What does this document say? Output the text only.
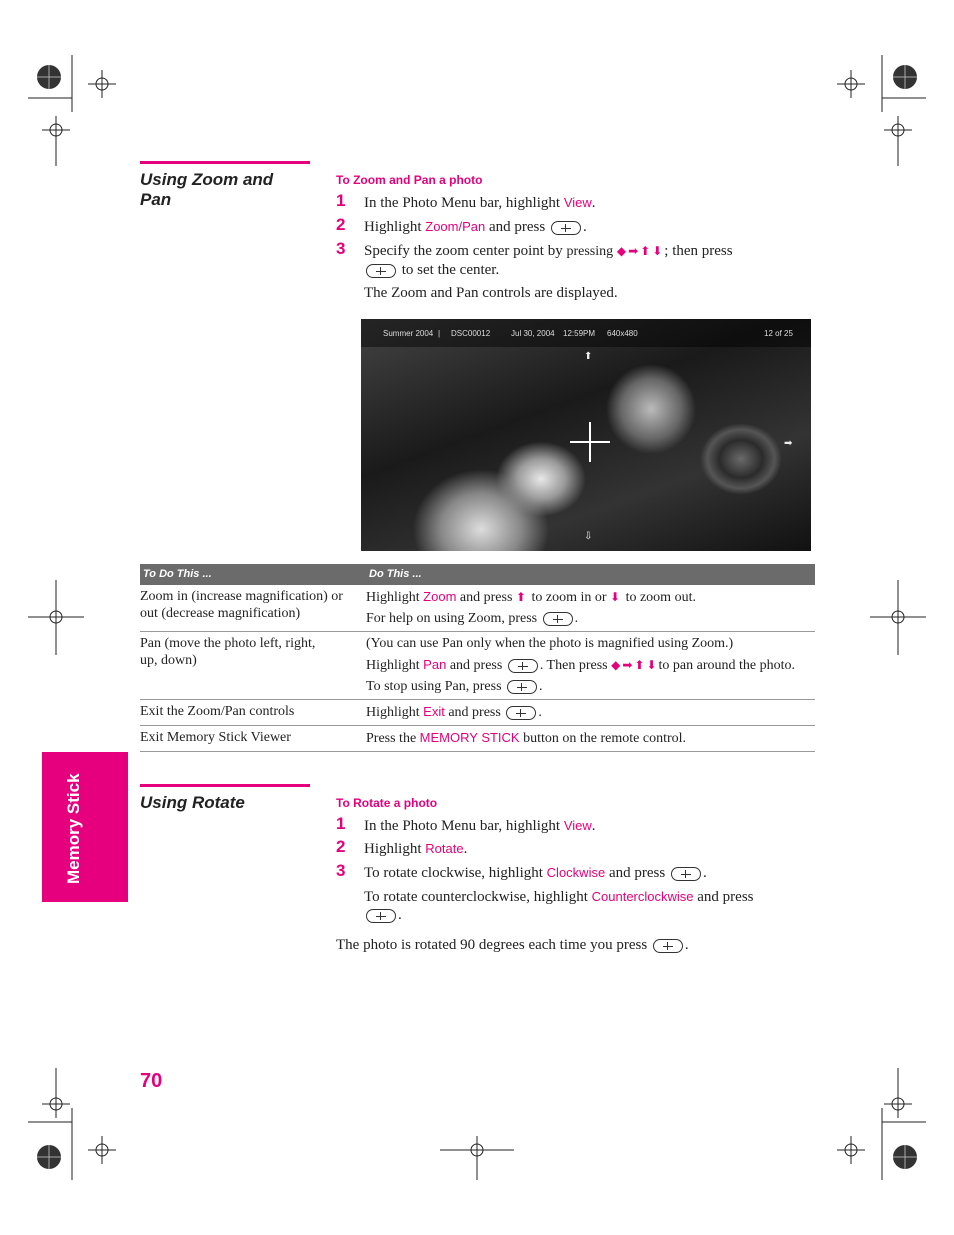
Using Zoom and Pan
To Zoom and Pan a photo
1	In the Photo Menu bar, highlight View.
2	Highlight Zoom/Pan and press	.
3	Specify the zoom center point by pressing ◆➡⬆⬇; then press
to set the center.
The Zoom and Pan controls are displayed.
Summer 2004 | DSC00012	Jul 30, 2004 12:59PM 640x480	12 of 25
⬆
➡
⇩
To Do This ...	Do This ...
Zoom in (increase magnification) or out (decrease magnification)	Highlight Zoom and press ⬆ to zoom in or ⬇ to zoom out.

For help on using Zoom, press .

Pan (move the photo left, right, up, down)	(You can use Pan only when the photo is magnified using Zoom.)

Highlight Pan and press . Then press ◆➡⬆⬇to pan around the photo.

To stop using Pan, press .

Exit the Zoom/Pan controls	Highlight Exit and press .
Exit Memory Stick Viewer	Press the MEMORY STICK button on the remote control.
Memory Stick	Using Rotate	To Rotate a photo
1	In the Photo Menu bar, highlight View.
2	Highlight Rotate.
3	To rotate clockwise, highlight Clockwise and press	.
To rotate counterclockwise, highlight Counterclockwise and press
.
The photo is rotated 90 degrees each time you press	.
70
